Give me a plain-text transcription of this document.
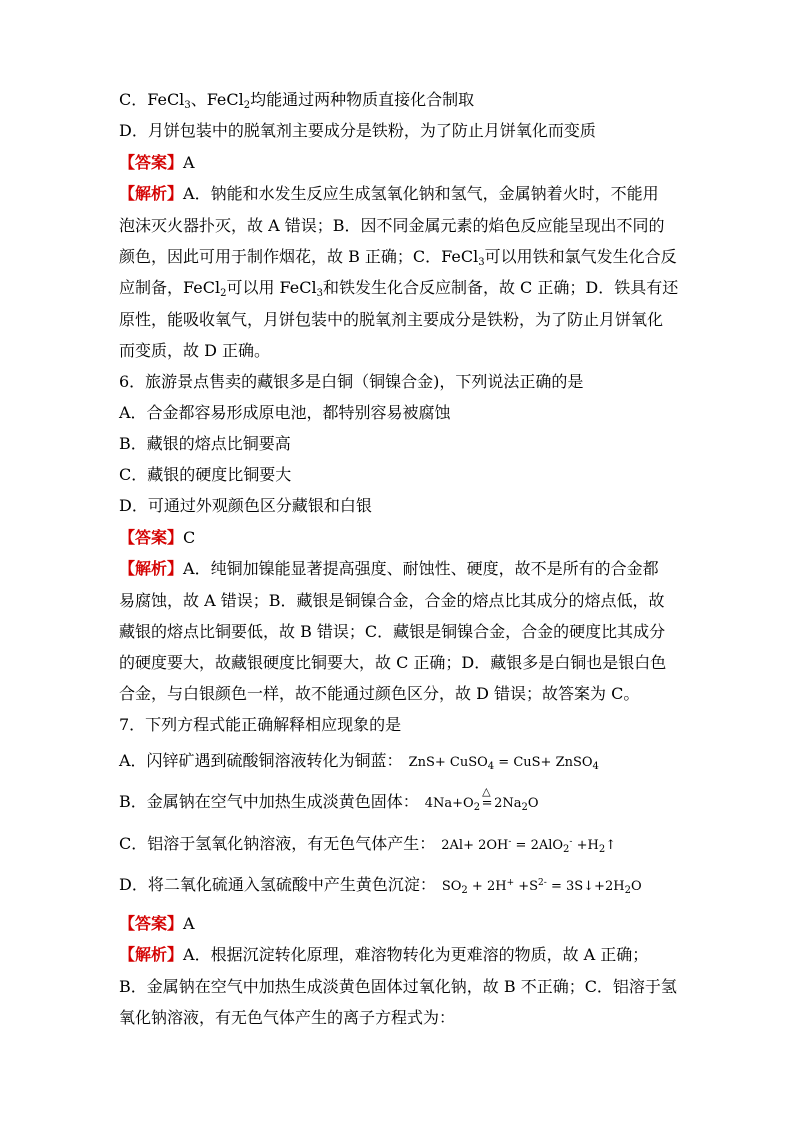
C．FeCl$_3$、FeCl$_2$均能通过两种物质直接化合制取
D．月饼包装中的脱氧剂主要成分是铁粉，为了防止月饼氧化而变质
【答案】A
【解析】A．钠能和水发生反应生成氢氧化钠和氢气，金属钠着火时，不能用
泡沫灭火器扑灭，故 A 错误；B．因不同金属元素的焰色反应能呈现出不同的
颜色，因此可用于制作烟花，故 B 正确；C．FeCl$_3$可以用铁和氯气发生化合反
应制备，FeCl$_2$可以用 FeCl$_3$和铁发生化合反应制备，故 C 正确；D．铁具有还
原性，能吸收氧气，月饼包装中的脱氧剂主要成分是铁粉，为了防止月饼氧化
而变质，故 D 正确。
6．旅游景点售卖的藏银多是白铜（铜镍合金)，下列说法正确的是
A．合金都容易形成原电池，都特别容易被腐蚀
B．藏银的熔点比铜要高
C．藏银的硬度比铜要大
D．可通过外观颜色区分藏银和白银
【答案】C
【解析】A．纯铜加镍能显著提高强度、耐蚀性、硬度，故不是所有的合金都
易腐蚀，故 A 错误；B．藏银是铜镍合金，合金的熔点比其成分的熔点低，故
藏银的熔点比铜要低，故 B 错误；C．藏银是铜镍合金，合金的硬度比其成分
的硬度要大，故藏银硬度比铜要大，故 C 正确；D．藏银多是白铜也是银白色
合金，与白银颜色一样，故不能通过颜色区分，故 D 错误；故答案为 C。
7．下列方程式能正确解释相应现象的是
A．闪锌矿遇到硫酸铜溶液转化为铜蓝： ZnS+ CuSO$_4$ = CuS+ ZnSO$_4$
B．金属钠在空气中加热生成淡黄色固体： $4Na+O_2$
△
= $2Na_2O$
C．铝溶于氢氧化钠溶液，有无色气体产生： $2Al+ 2OH^- = 2AlO_2^- +H_2↑$
D．将二氧化硫通入氢硫酸中产生黄色沉淀： $SO_2 + 2H^+ +S^{2-}$ = $3S↓+2H_2O$
【答案】A
【解析】A．根据沉淀转化原理，难溶物转化为更难溶的物质，故 A 正确；
B．金属钠在空气中加热生成淡黄色固体过氧化钠，故 B 不正确；C．铝溶于氢
氧化钠溶液，有无色气体产生的离子方程式为：
